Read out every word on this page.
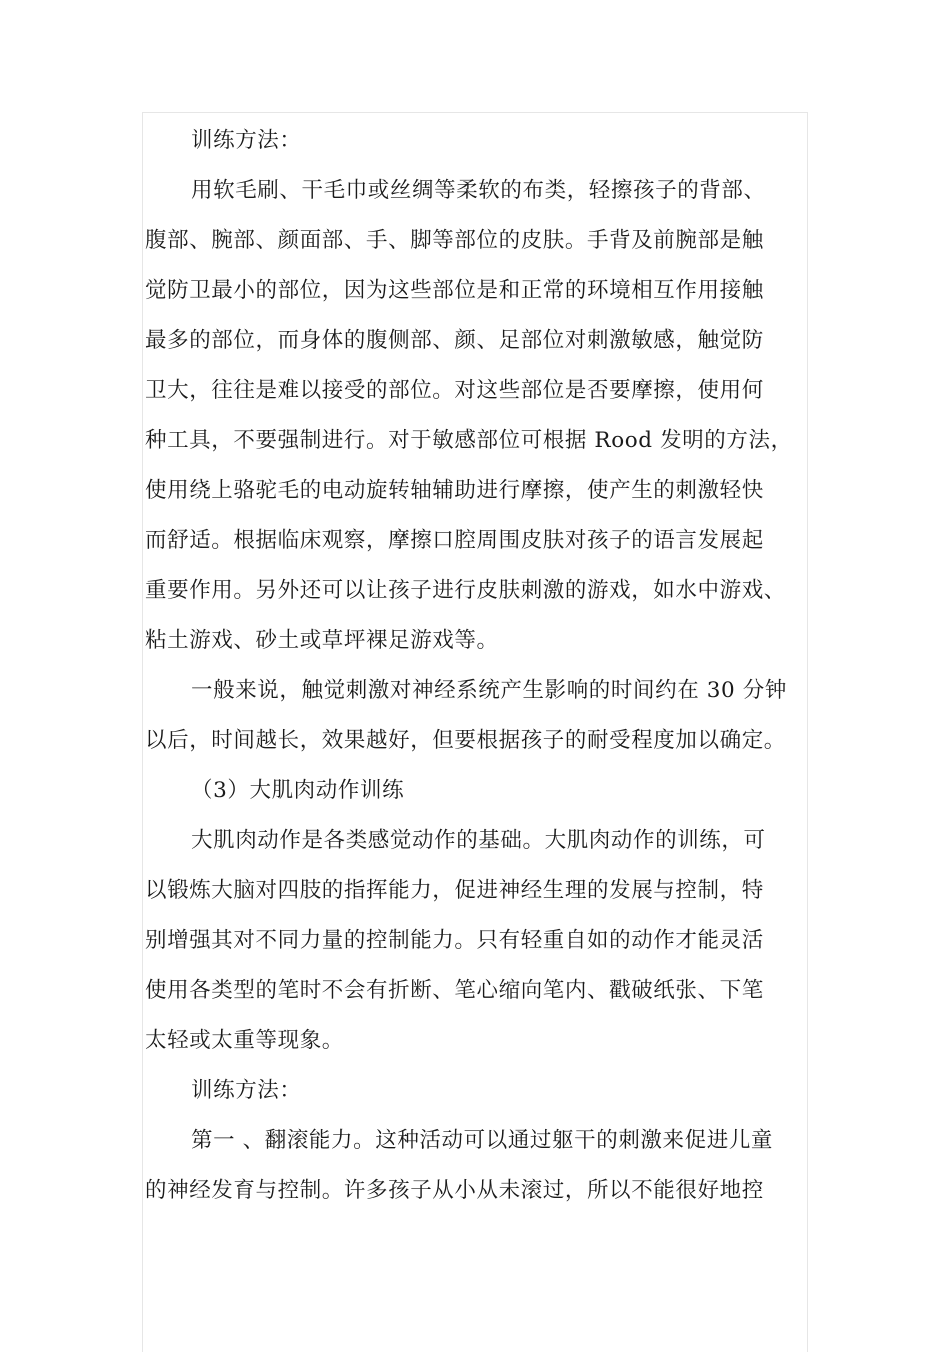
训练方法：
用软毛刷、干毛巾或丝绸等柔软的布类，轻擦孩子的背部、
腹部、腕部、颜面部、手、脚等部位的皮肤。手背及前腕部是触
觉防卫最小的部位，因为这些部位是和正常的环境相互作用接触
最多的部位，而身体的腹侧部、颜、足部位对刺激敏感，触觉防
卫大，往往是难以接受的部位。对这些部位是否要摩擦，使用何
种工具，不要强制进行。对于敏感部位可根据 Rood 发明的方法，
使用绕上骆驼毛的电动旋转轴辅助进行摩擦，使产生的刺激轻快
而舒适。根据临床观察，摩擦口腔周围皮肤对孩子的语言发展起
重要作用。另外还可以让孩子进行皮肤刺激的游戏，如水中游戏、
粘土游戏、砂土或草坪裸足游戏等。
一般来说，触觉刺激对神经系统产生影响的时间约在 30 分钟
以后，时间越长，效果越好，但要根据孩子的耐受程度加以确定。
（3）大肌肉动作训练
大肌肉动作是各类感觉动作的基础。大肌肉动作的训练，可
以锻炼大脑对四肢的指挥能力，促进神经生理的发展与控制，特
别增强其对不同力量的控制能力。只有轻重自如的动作才能灵活
使用各类型的笔时不会有折断、笔心缩向笔内、戳破纸张、下笔
太轻或太重等现象。
训练方法：
第一 、翻滚能力。这种活动可以通过躯干的刺激来促进儿童
的神经发育与控制。许多孩子从小从未滚过，所以不能很好地控
